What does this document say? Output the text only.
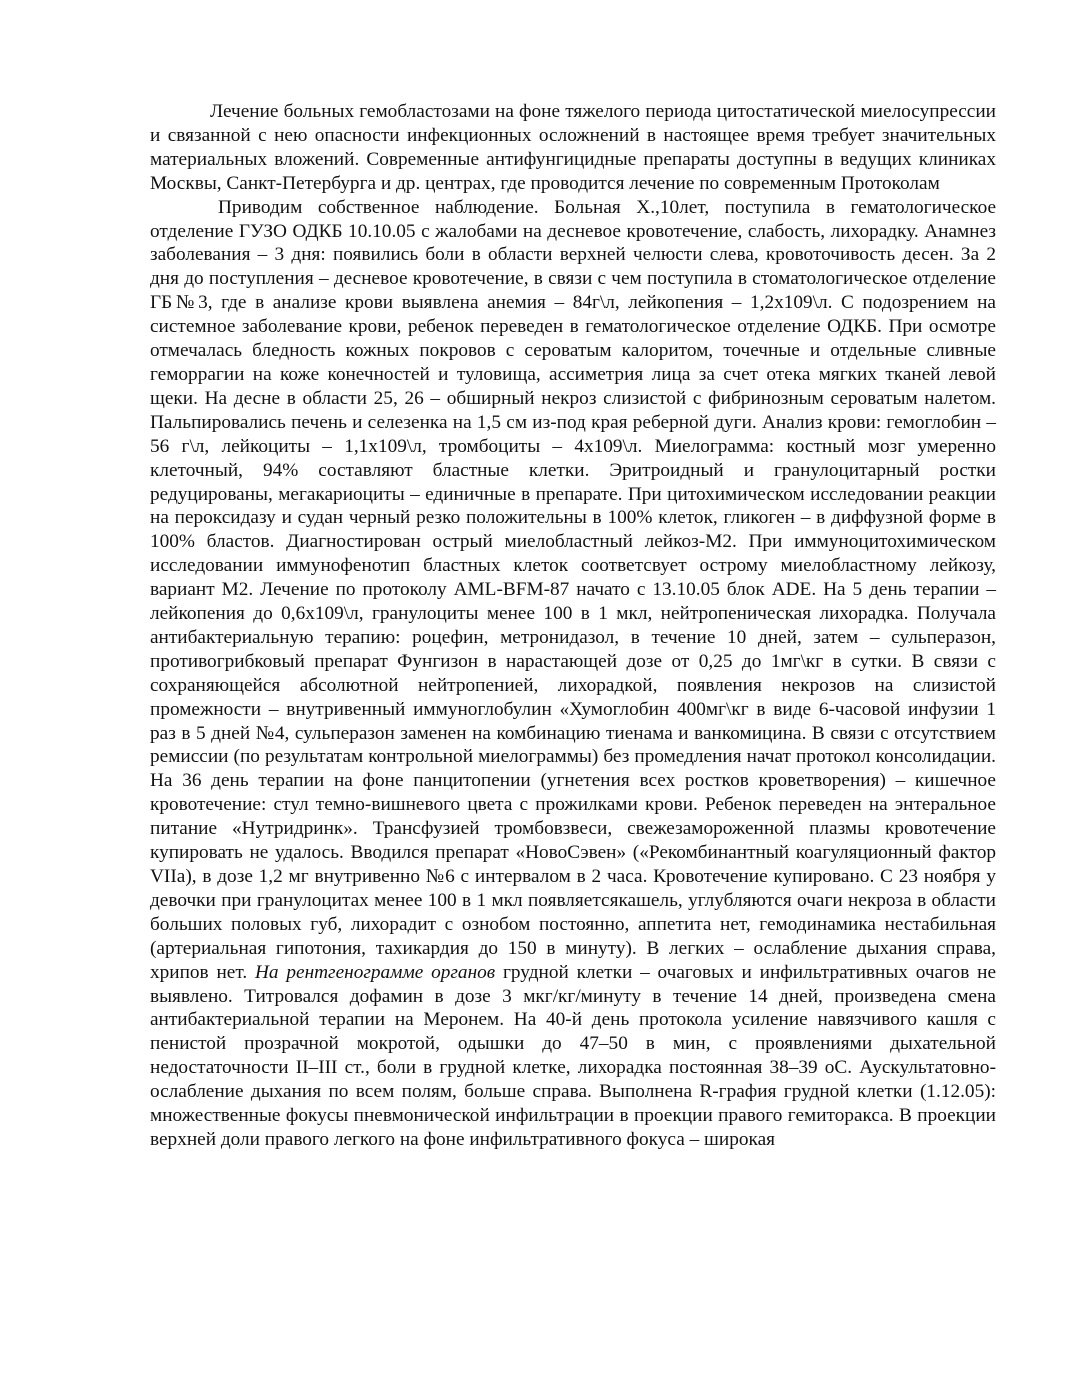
Лечение больных гемобластозами на фоне тяжелого периода цитостатической миелосупрессии и связанной с нею опасности инфекционных осложнений в настоящее время требует значительных материальных вложений. Современные антифунгицидные препараты доступны в ведущих клиниках Москвы, Санкт-Петербурга и др. центрах, где проводится лечение по современным Протоколам

Приводим собственное наблюдение. Больная Х.,10лет, поступила в гематологическое отделение ГУЗО ОДКБ 10.10.05 с жалобами на десневое кровотечение, слабость, лихорадку. Анамнез заболевания – 3 дня: появились боли в области верхней челюсти слева, кровоточивость десен. За 2 дня до поступления – десневое кровотечение, в связи с чем поступила в стоматологическое отделение ГБ№3, где в анализе крови выявлена анемия – 84г\л, лейкопения – 1,2х109\л. С подозрением на системное заболевание крови, ребенок переведен в гематологическое отделение ОДКБ. При осмотре отмечалась бледность кожных покровов с сероватым калоритом, точечные и отдельные сливные геморрагии на коже конечностей и туловища, ассиметрия лица за счет отека мягких тканей левой щеки. На десне в области 25, 26 – обширный некроз слизистой с фибринозным сероватым налетом. Пальпировались печень и селезенка на 1,5 см из-под края реберной дуги. Анализ крови: гемоглобин – 56 г\л, лейкоциты – 1,1х109\л, тромбоциты – 4х109\л. Миелограмма: костный мозг умеренно клеточный, 94% составляют бластные клетки. Эритроидный и гранулоцитарный ростки редуцированы, мегакариоциты – единичные в препарате. При цитохимическом исследовании реакции на пероксидазу и судан черный резко положительны в 100% клеток, гликоген – в диффузной форме в 100% бластов. Диагностирован острый миелобластный лейкоз-М2. При иммуноцитохимическом исследовании иммунофенотип бластных клеток соответсвует острому миелобластному лейкозу, вариант М2. Лечение по протоколу AML-BFM-87 начато с 13.10.05 блок ADE. На 5 день терапии – лейкопения до 0,6х109\л, гранулоциты менее 100 в 1 мкл, нейтропеническая лихорадка. Получала антибактериальную терапию: роцефин, метронидазол, в течение 10 дней, затем – сульперазон, противогрибковый препарат Фунгизон в нарастающей дозе от 0,25 до 1мг\кг в сутки. В связи с сохраняющейся абсолютной нейтропенией, лихорадкой, появления некрозов на слизистой промежности – внутривенный иммуноглобулин «Хумоглобин 400мг\кг в виде 6-часовой инфузии 1 раз в 5 дней №4, сульперазон заменен на комбинацию тиенама и ванкомицина. В связи с отсутствием ремиссии (по результатам контрольной миелограммы) без промедления начат протокол консолидации. На 36 день терапии на фоне панцитопении (угнетения всех ростков кроветворения) – кишечное кровотечение: стул темно-вишневого цвета с прожилками крови. Ребенок переведен на энтеральное питание «Нутридринк». Трансфузией тромбовзвеси, свежезамороженной плазмы кровотечение купировать не удалось. Вводился препарат «НовоСэвен» («Рекомбинантный коагуляционный фактор VIIa), в дозе 1,2 мг внутривенно №6 с интервалом в 2 часа. Кровотечение купировано. С 23 ноября у девочки при гранулоцитах менее 100 в 1 мкл появляетсякашель, углубляются очаги некроза в области больших половых губ, лихорадит с ознобом постоянно, аппетита нет, гемодинамика нестабильная (артериальная гипотония, тахикардия до 150 в минуту). В легких – ослабление дыхания справа, хрипов нет. На рентгенограмме органов грудной клетки – очаговых и инфильтративных очагов не выявлено. Титровался дофамин в дозе 3 мкг/кг/минуту в течение 14 дней, произведена смена антибактериальной терапии на Меронем. На 40-й день протокола усиление навязчивого кашля с пенистой прозрачной мокротой, одышки до 47–50 в мин, с проявлениями дыхательной недостаточности II–III ст., боли в грудной клетке, лихорадка постоянная 38–39 оС. Аускультатовно-ослабление дыхания по всем полям, больше справа. Выполнена R-графия грудной клетки (1.12.05): множественные фокусы пневмонической инфильтрации в проекции правого гемиторакса. В проекции верхней доли правого легкого на фоне инфильтративного фокуса – широкая
